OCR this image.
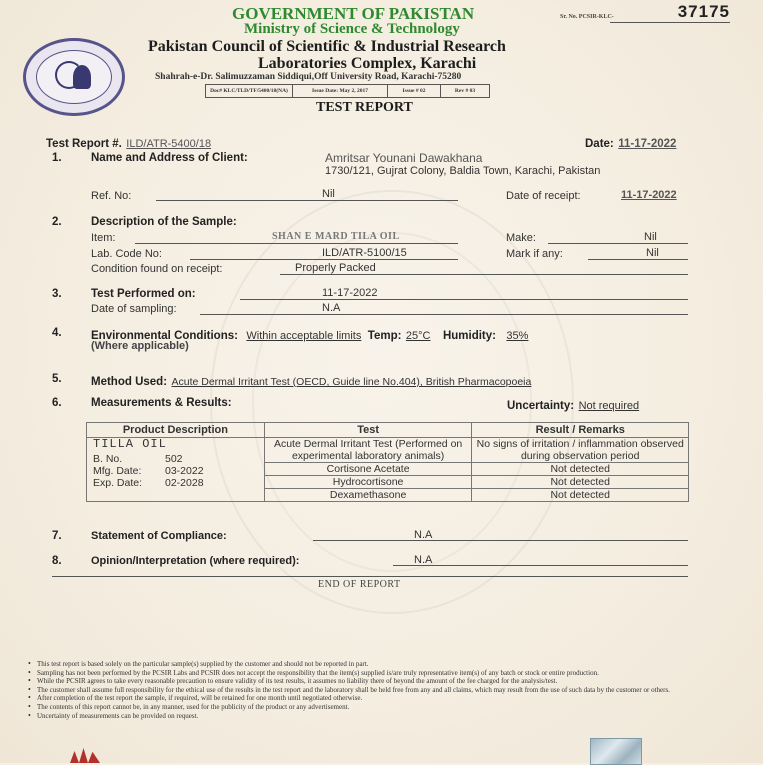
GOVERNMENT OF PAKISTAN
Ministry of Science & Technology
Pakistan Council of Scientific & Industrial Research
Laboratories Complex, Karachi
Shahrah-e-Dr. Salimuzzaman Siddiqui,Off University Road, Karachi-75280
Sr. No. PCSIR-KLC-	37175
Doc# KLC/TLD/TF/5400/18(NA)	Issue Date: May 2, 2017	Issue # 02	Rev # 03
TEST REPORT
Test Report #. ILD/ATR-5400/18	Date: 11-17-2022
1.	Name and Address of Client:	Amritsar Younani Dawakhana
1730/121, Gujrat Colony, Baldia Town, Karachi, Pakistan
Ref. No:	Nil	Date of receipt:	11-17-2022
2.	Description of the Sample:
Item:	SHAN E MARD TILA OIL	Make:	Nil
Lab. Code No:	ILD/ATR-5100/15	Mark if any:	Nil
Condition found on receipt:	Properly Packed
3.	Test Performed on:	11-17-2022
Date of sampling:	N.A
4.	Environmental Conditions: Within acceptable limits Temp: 25°C Humidity: 35%
(Where applicable)
5.	Method Used: Acute Dermal Irritant Test (OECD, Guide line No.404), British Pharmacopoeia
6.	Measurements & Results:	Uncertainty: Not required
Product Description	Test	Result / Remarks

TILLA OIL
B. No.	502
Mfg. Date:	03-2022
Exp. Date:	02-2028
	Acute Dermal Irritant Test (Performed on experimental laboratory animals)	No signs of irritation / inflammation observed during observation period
	Cortisone Acetate	Not detected
	Hydrocortisone	Not detected
	Dexamethasone	Not detected
7.	Statement of Compliance:	N.A
8.	Opinion/Interpretation (where required):	N.A
END OF REPORT
• This test report is based solely on the particular sample(s) supplied by the customer and should not be reported in part.
• Sampling has not been performed by the PCSIR Labs and PCSIR does not accept the responsibility that the item(s) supplied is/are truly representative item(s) of any batch or stock or entire production.
• While the PCSIR agrees to take every reasonable precaution to ensure validity of its test results, it assumes no liability there of beyond the amount of the fee charged for the analysis/test.
• The customer shall assume full responsibility for the ethical use of the results in the test report and the laboratory shall be held free from any and all claims, which may result from the use of such data by the customer or others.
• After completion of the test report the sample, if required, will be retained for one month until negotiated otherwise.
• The contents of this report cannot be, in any manner, used for the publicity of the product or any advertisement.
• Uncertainty of measurements can be provided on request.
